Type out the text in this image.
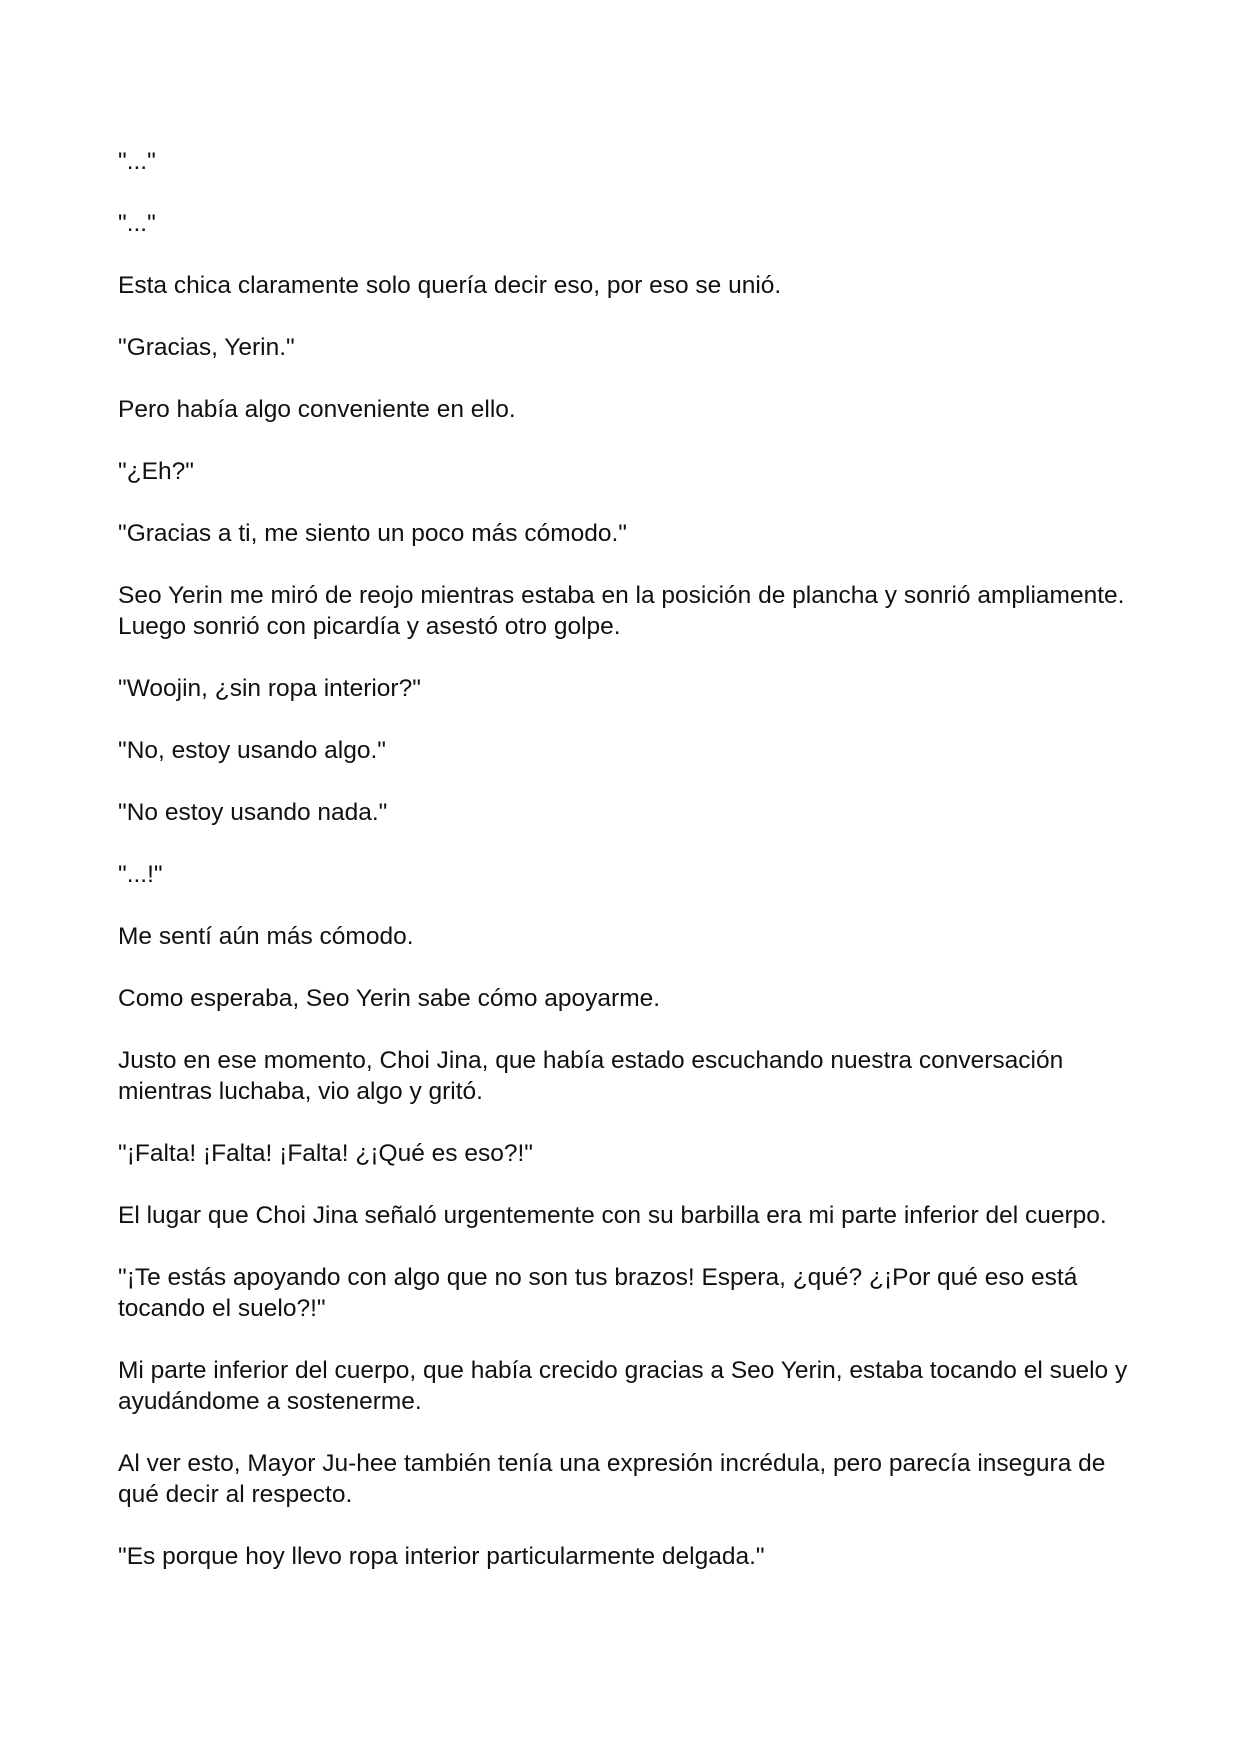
"..."

"..."

Esta chica claramente solo quería decir eso, por eso se unió.

"Gracias, Yerin."

Pero había algo conveniente en ello.

"¿Eh?"

"Gracias a ti, me siento un poco más cómodo."

Seo Yerin me miró de reojo mientras estaba en la posición de plancha y sonrió ampliamente. Luego sonrió con picardía y asestó otro golpe.

"Woojin, ¿sin ropa interior?"

"No, estoy usando algo."

"No estoy usando nada."

"...!"

Me sentí aún más cómodo.

Como esperaba, Seo Yerin sabe cómo apoyarme.

Justo en ese momento, Choi Jina, que había estado escuchando nuestra conversación mientras luchaba, vio algo y gritó.

"¡Falta! ¡Falta! ¡Falta! ¿¡Qué es eso?!"

El lugar que Choi Jina señaló urgentemente con su barbilla era mi parte inferior del cuerpo.

"¡Te estás apoyando con algo que no son tus brazos! Espera, ¿qué? ¿¡Por qué eso está tocando el suelo?!"

Mi parte inferior del cuerpo, que había crecido gracias a Seo Yerin, estaba tocando el suelo y ayudándome a sostenerme.

Al ver esto, Mayor Ju-hee también tenía una expresión incrédula, pero parecía insegura de qué decir al respecto.

"Es porque hoy llevo ropa interior particularmente delgada."
